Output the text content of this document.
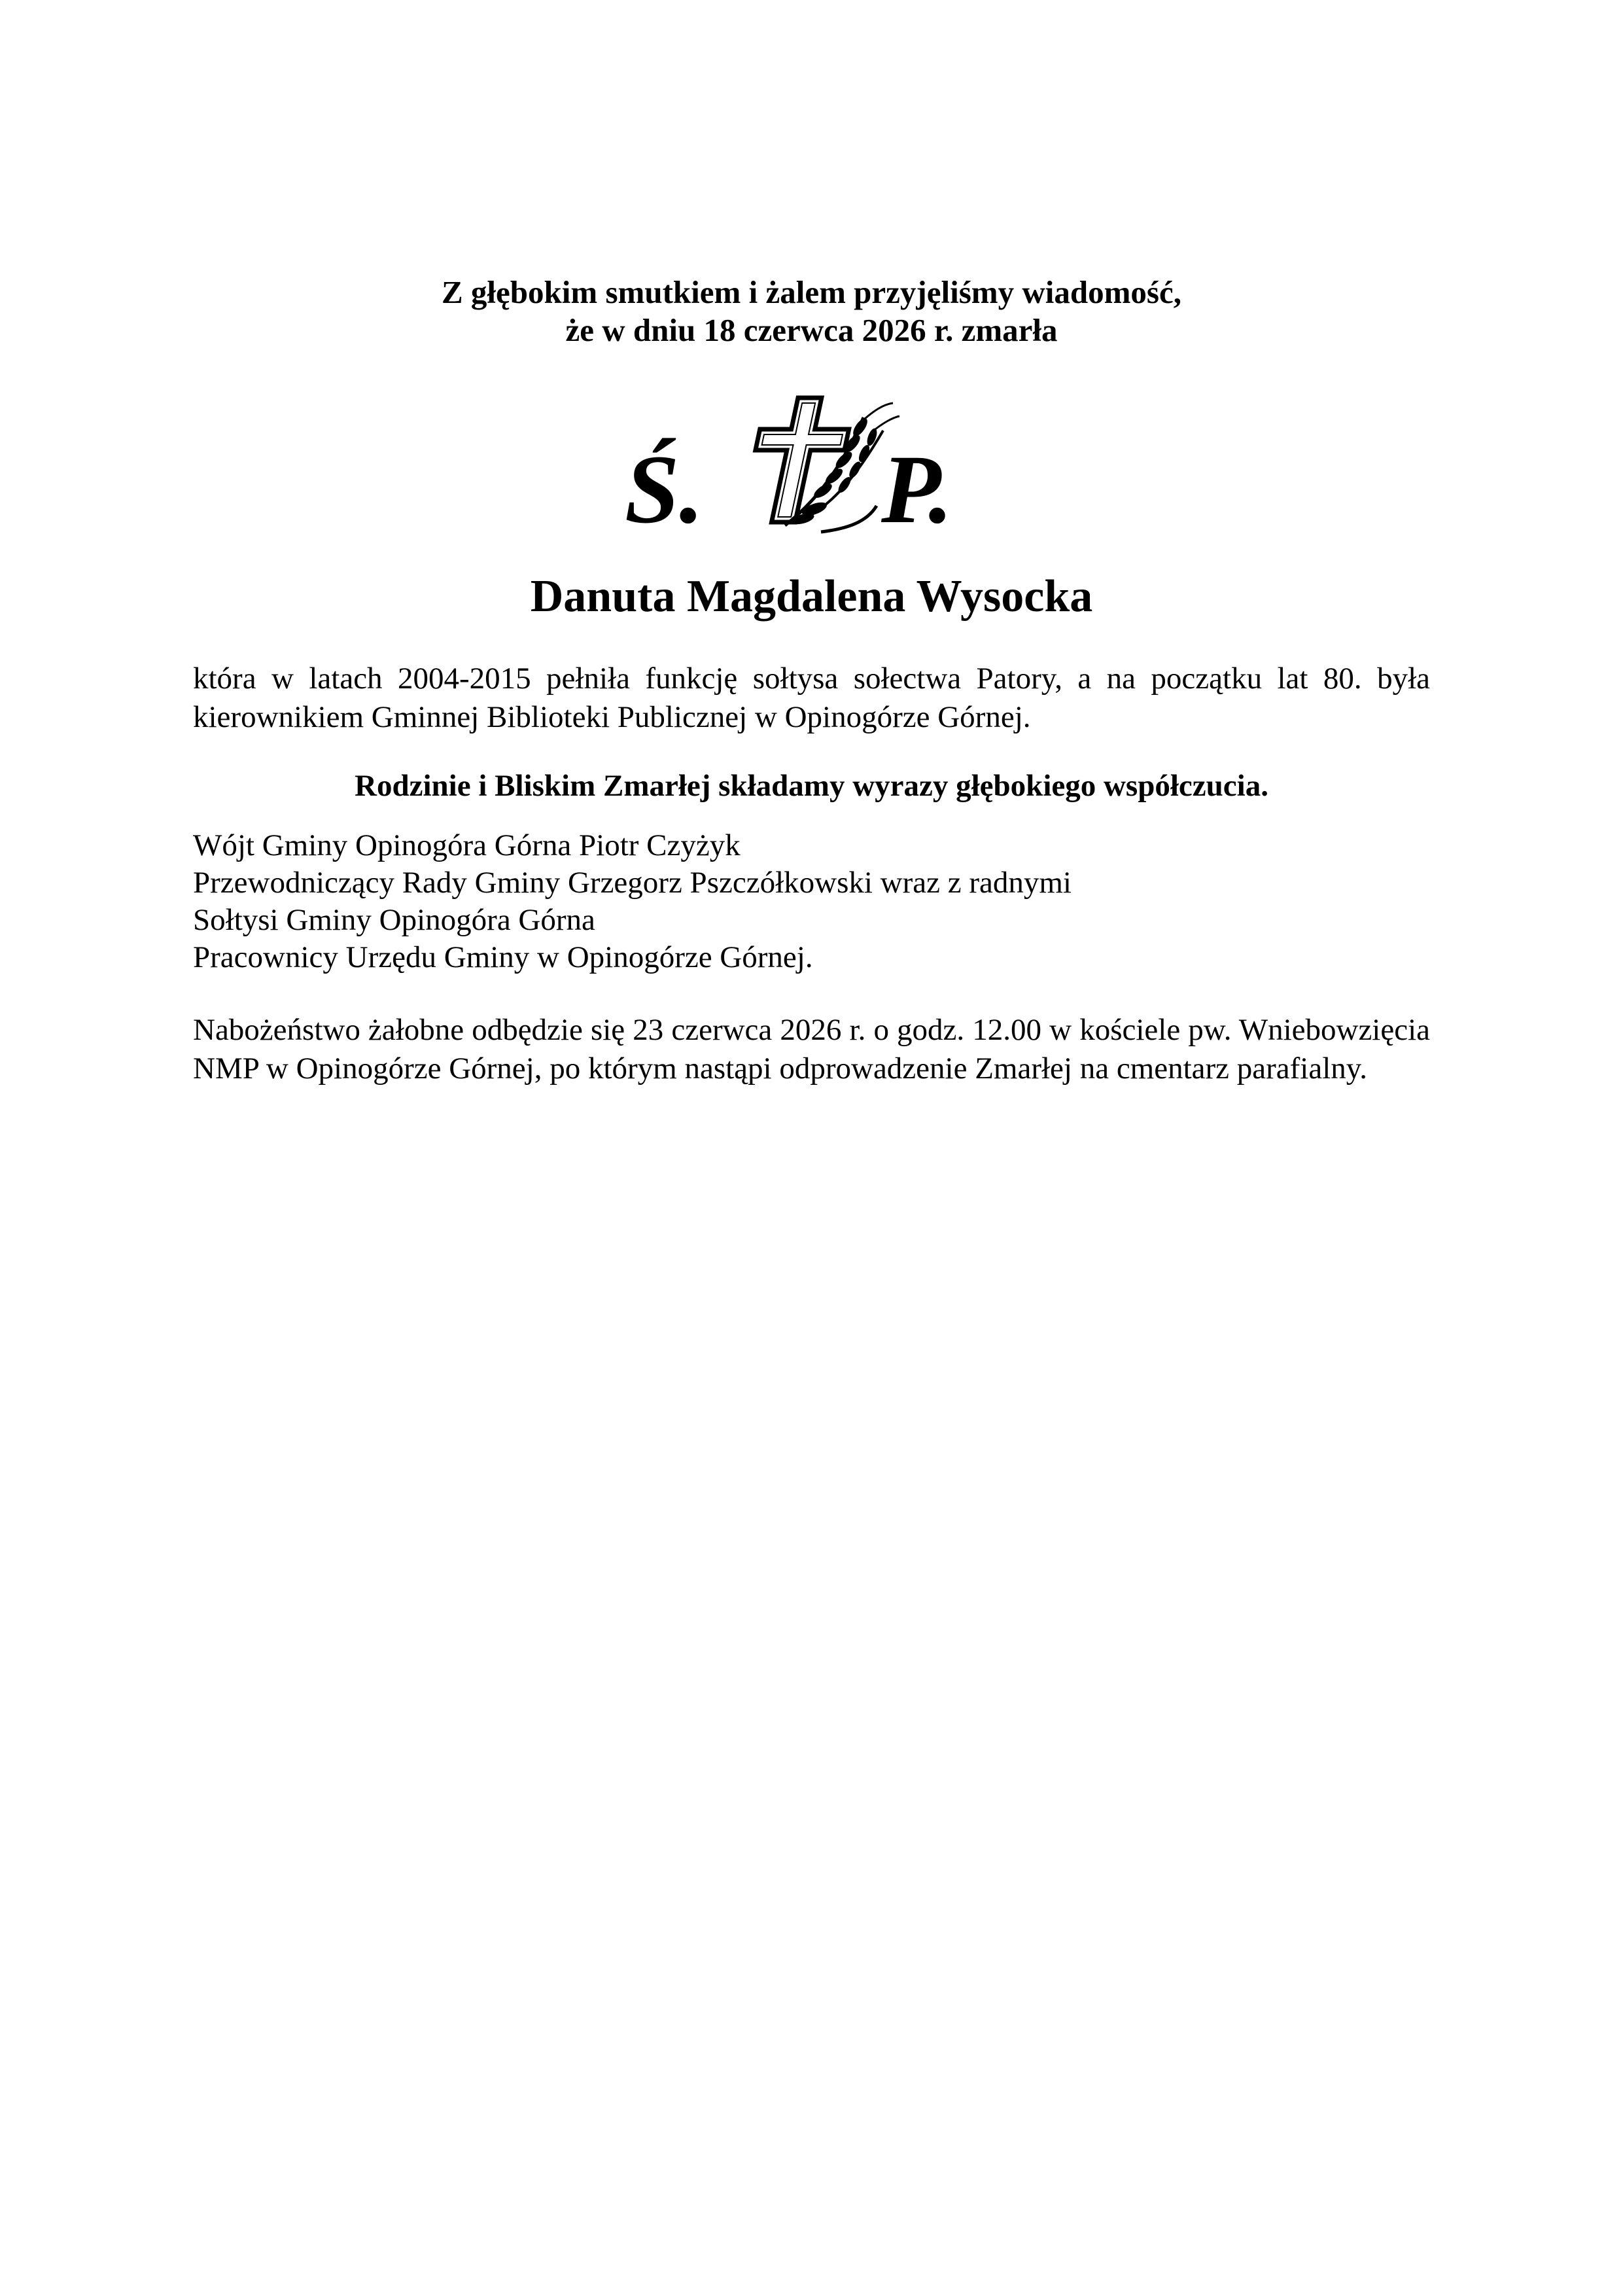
Z głębokim smutkiem i żalem przyjęliśmy wiadomość,
że w dniu 18 czerwca 2026 r. zmarła
Ś. P.
Danuta Magdalena Wysocka
która w latach 2004-2015 pełniła funkcję sołtysa sołectwa Patory, a na początku lat 80. była kierownikiem Gminnej Biblioteki Publicznej w Opinogórze Górnej.
Rodzinie i Bliskim Zmarłej składamy wyrazy głębokiego współczucia.
Wójt Gminy Opinogóra Górna Piotr Czyżyk
Przewodniczący Rady Gminy Grzegorz Pszczółkowski wraz z radnymi
Sołtysi Gminy Opinogóra Górna
Pracownicy Urzędu Gminy w Opinogórze Górnej.
Nabożeństwo żałobne odbędzie się 23 czerwca 2026 r. o godz. 12.00 w kościele pw. Wniebowzięcia NMP w Opinogórze Górnej, po którym nastąpi odprowadzenie Zmarłej na cmentarz parafialny.
